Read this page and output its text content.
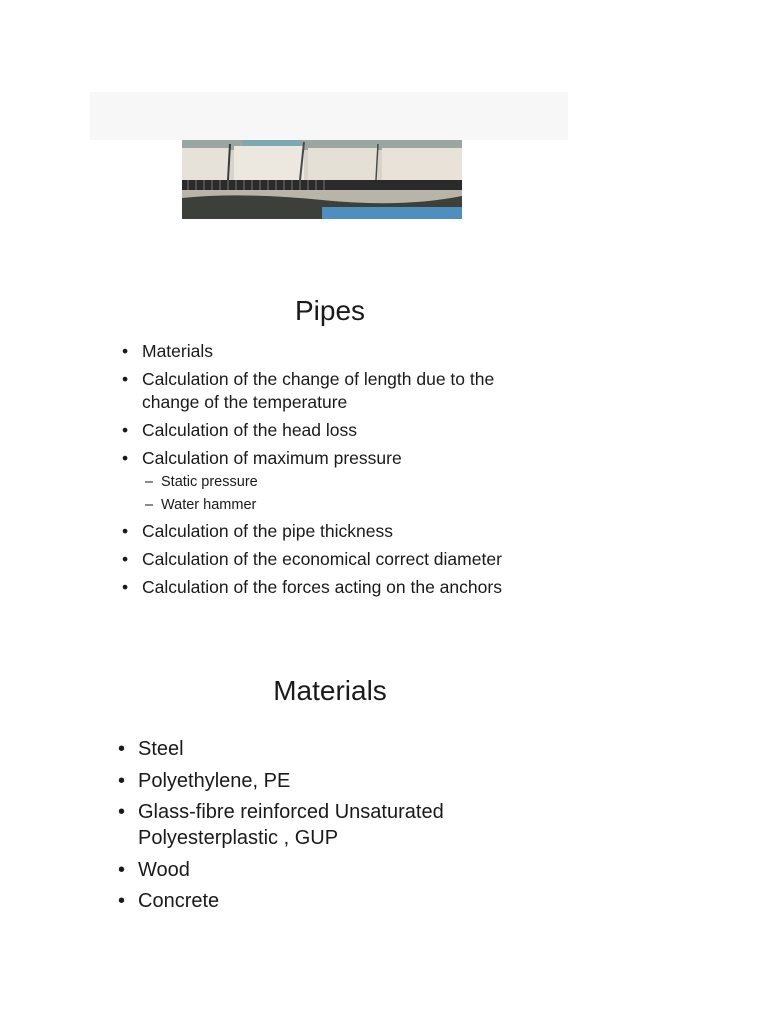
Pipes
• Materials
• Calculation of the change of length due to the change of the temperature
• Calculation of the head loss
• Calculation of maximum pressure
– Static pressure
– Water hammer
• Calculation of the pipe thickness
• Calculation of the economical correct diameter
• Calculation of the forces acting on the anchors
Materials
• Steel
• Polyethylene, PE
• Glass-fibre reinforced Unsaturated Polyesterplastic , GUP
• Wood
• Concrete
